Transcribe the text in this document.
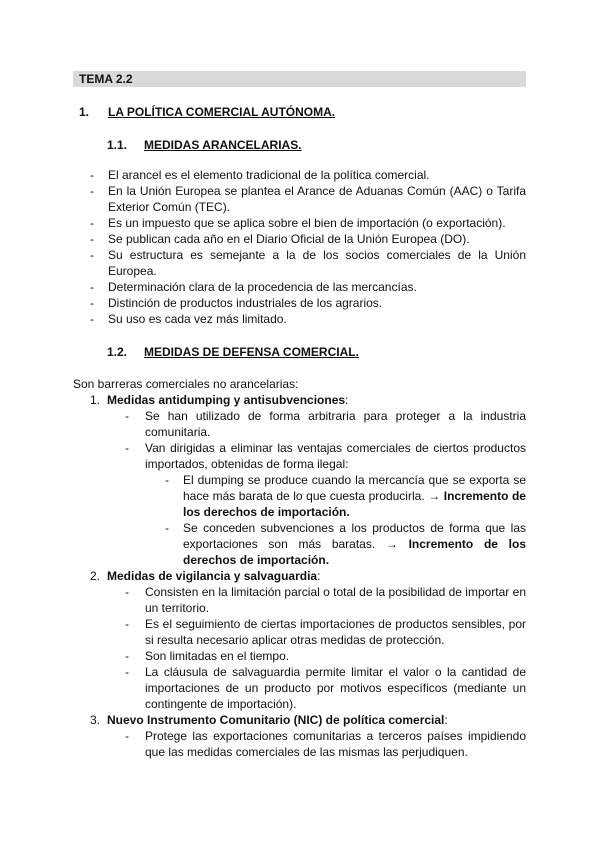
TEMA 2.2
1. LA POLÍTICA COMERCIAL AUTÓNOMA.
1.1. MEDIDAS ARANCELARIAS.
- El arancel es el elemento tradicional de la política comercial.
- En la Unión Europea se plantea el Arance de Aduanas Común (AAC) o Tarifa Exterior Común (TEC).
- Es un impuesto que se aplica sobre el bien de importación (o exportación).
- Se publican cada año en el Diario Oficial de la Unión Europea (DO).
- Su estructura es semejante a la de los socios comerciales de la Unión Europea.
- Determinación clara de la procedencia de las mercancías.
- Distinción de productos industriales de los agrarios.
- Su uso es cada vez más limitado.
1.2. MEDIDAS DE DEFENSA COMERCIAL.
Son barreras comerciales no arancelarias:
1. Medidas antidumping y antisubvenciones:
- Se han utilizado de forma arbitraria para proteger a la industria comunitaria.
- Van dirigidas a eliminar las ventajas comerciales de ciertos productos importados, obtenidas de forma ilegal:
- El dumping se produce cuando la mercancía que se exporta se hace más barata de lo que cuesta producirla. → Incremento de los derechos de importación.
- Se conceden subvenciones a los productos de forma que las exportaciones son más baratas. → Incremento de los derechos de importación.
2. Medidas de vigilancia y salvaguardia:
- Consisten en la limitación parcial o total de la posibilidad de importar en un territorio.
- Es el seguimiento de ciertas importaciones de productos sensibles, por si resulta necesario aplicar otras medidas de protección.
- Son limitadas en el tiempo.
- La cláusula de salvaguardia permite limitar el valor o la cantidad de importaciones de un producto por motivos específicos (mediante un contingente de importación).
3. Nuevo Instrumento Comunitario (NIC) de política comercial:
- Protege las exportaciones comunitarias a terceros países impidiendo que las medidas comerciales de las mismas las perjudiquen.
